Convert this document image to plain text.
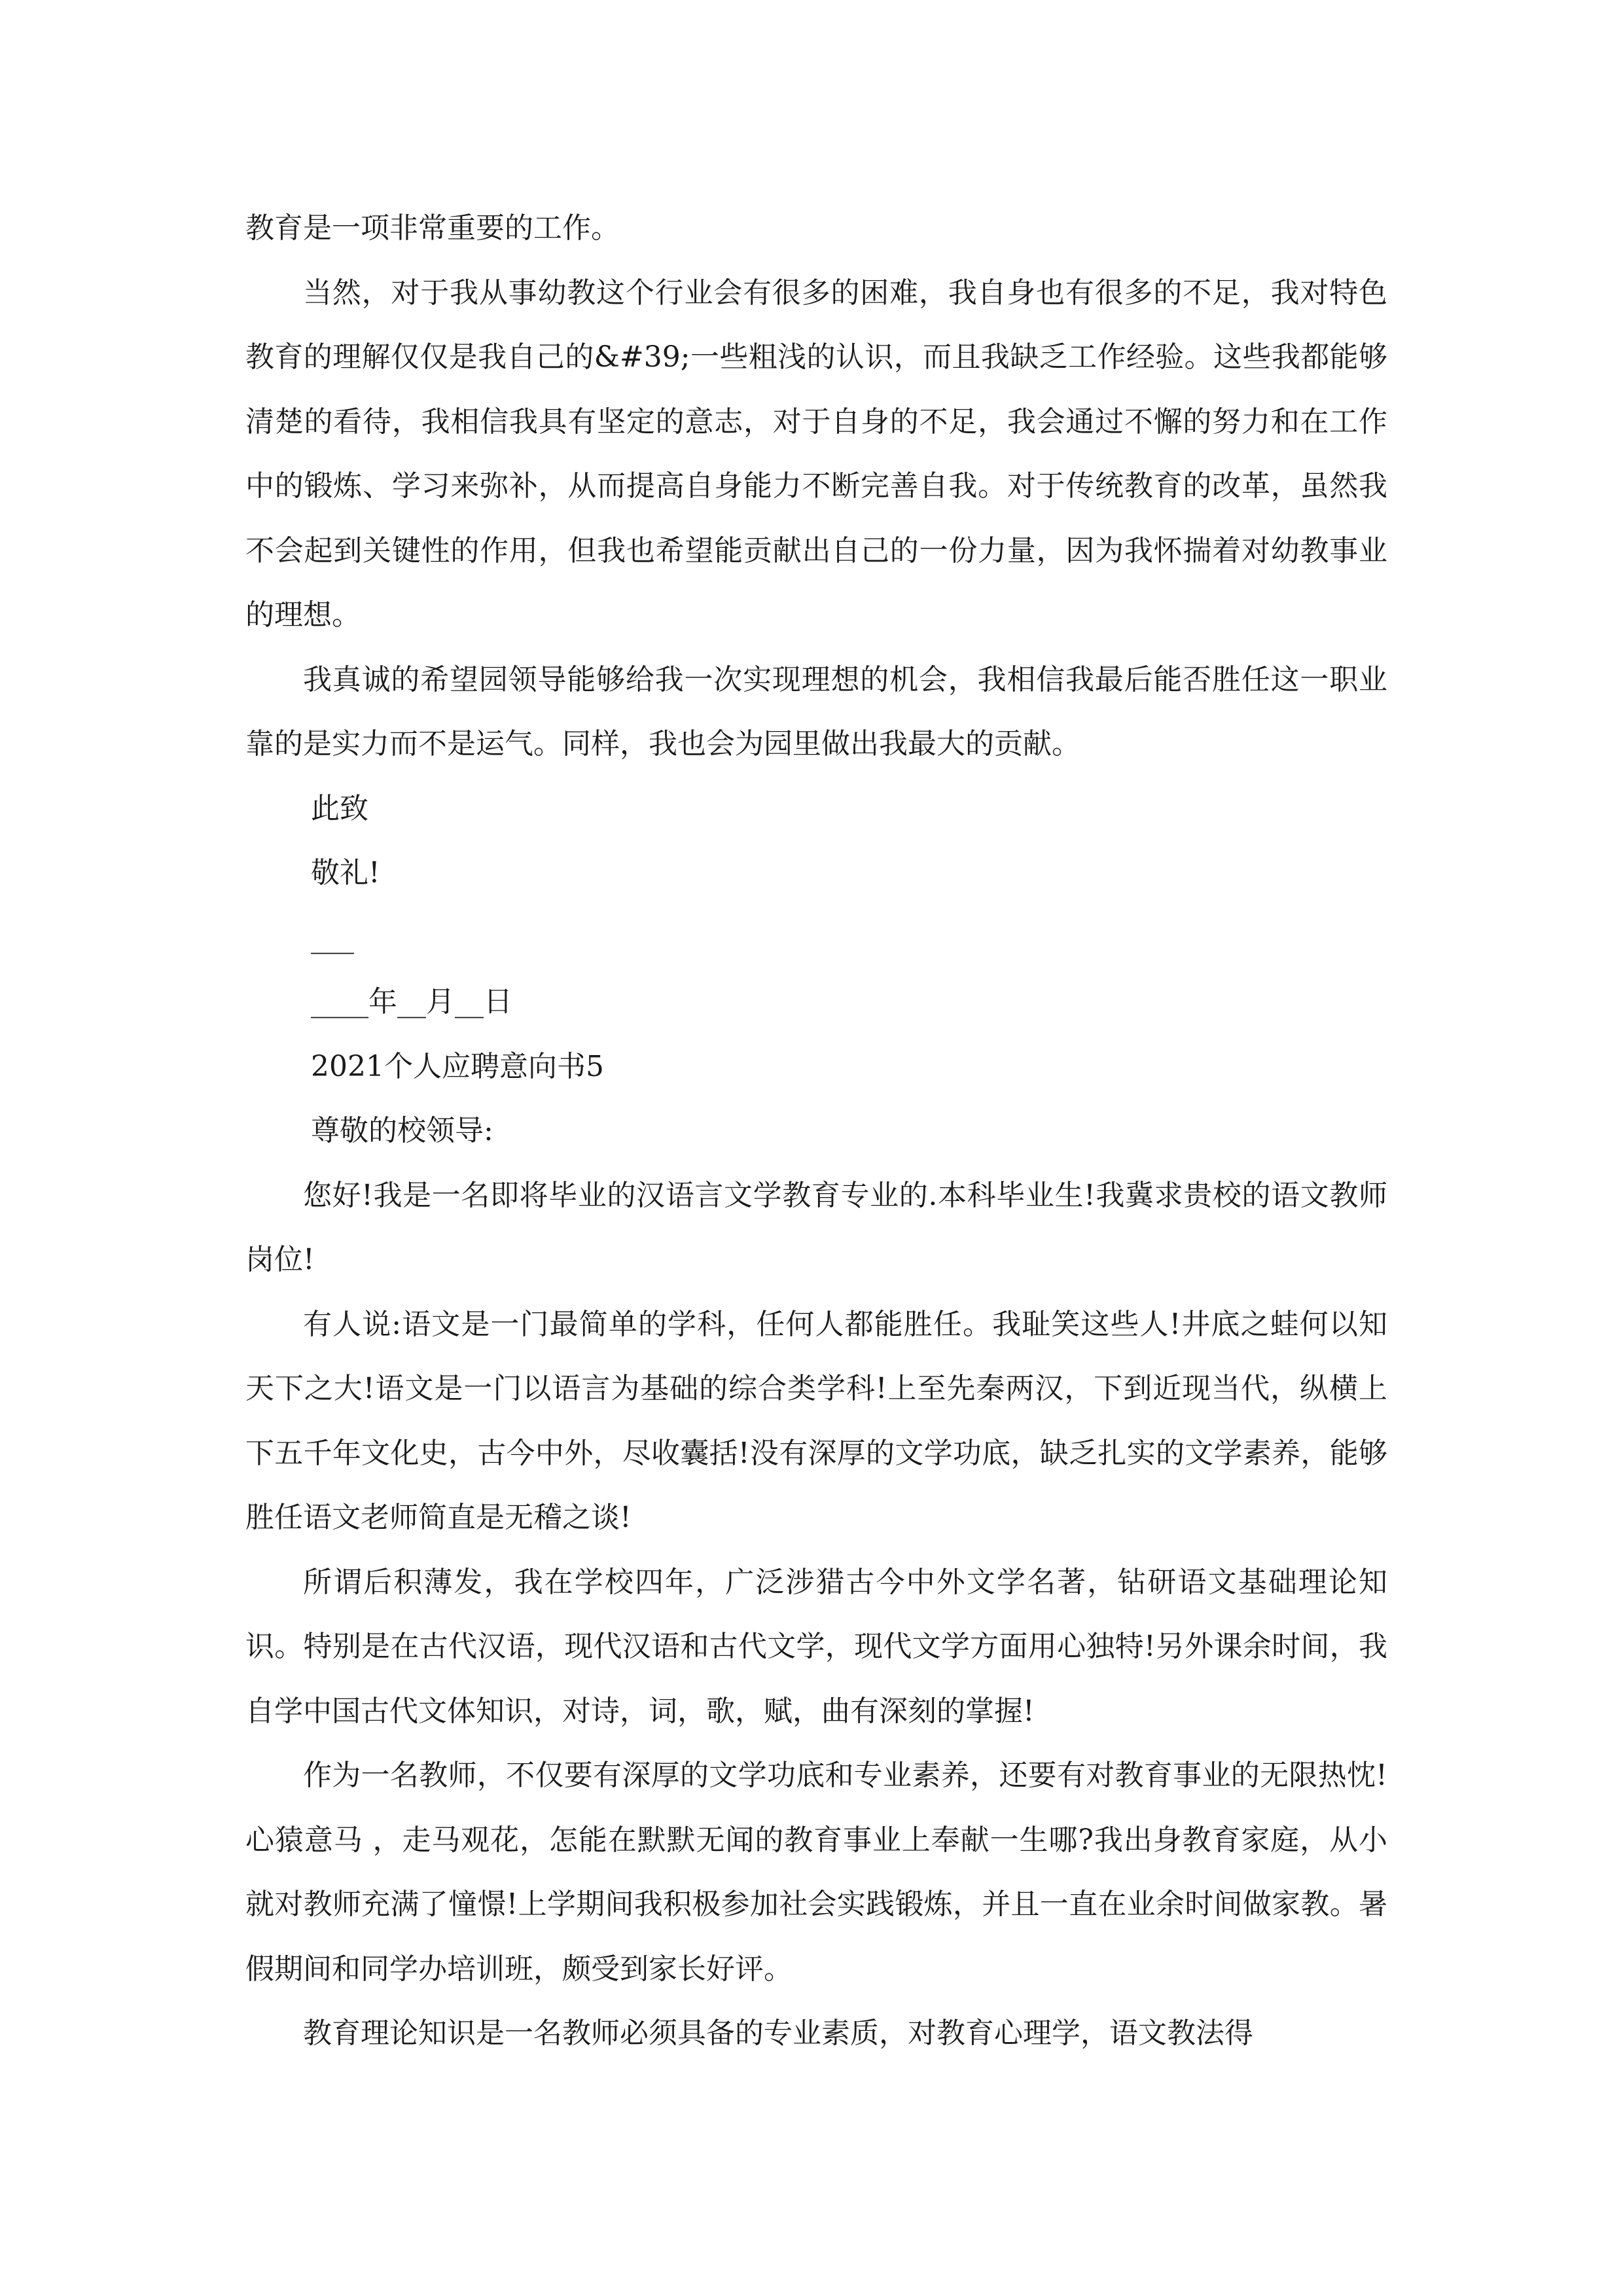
教育是一项非常重要的工作。

当然，对于我从事幼教这个行业会有很多的困难，我自身也有很多的不足，我对特色教育的理解仅仅是我自己的&#39;一些粗浅的认识，而且我缺乏工作经验。这些我都能够清楚的看待，我相信我具有坚定的意志，对于自身的不足，我会通过不懈的努力和在工作中的锻炼、学习来弥补，从而提高自身能力不断完善自我。对于传统教育的改革，虽然我不会起到关键性的作用，但我也希望能贡献出自己的一份力量，因为我怀揣着对幼教事业的理想。

我真诚的希望园领导能够给我一次实现理想的机会，我相信我最后能否胜任这一职业靠的是实力而不是运气。同样，我也会为园里做出我最大的贡献。

此致

敬礼!

___

____年__月__日

2021个人应聘意向书5

尊敬的校领导:

您好!我是一名即将毕业的汉语言文学教育专业的.本科毕业生!我冀求贵校的语文教师岗位!

有人说:语文是一门最简单的学科，任何人都能胜任。我耻笑这些人!井底之蛙何以知天下之大!语文是一门以语言为基础的综合类学科!上至先秦两汉，下到近现当代，纵横上下五千年文化史，古今中外，尽收囊括!没有深厚的文学功底，缺乏扎实的文学素养，能够胜任语文老师简直是无稽之谈!

所谓后积薄发，我在学校四年，广泛涉猎古今中外文学名著，钻研语文基础理论知识。特别是在古代汉语，现代汉语和古代文学，现代文学方面用心独特!另外课余时间，我自学中国古代文体知识，对诗，词，歌，赋，曲有深刻的掌握!

作为一名教师，不仅要有深厚的文学功底和专业素养，还要有对教育事业的无限热忱!心猿意马 ，走马观花，怎能在默默无闻的教育事业上奉献一生哪?我出身教育家庭，从小就对教师充满了憧憬!上学期间我积极参加社会实践锻炼，并且一直在业余时间做家教。暑假期间和同学办培训班，颇受到家长好评。

教育理论知识是一名教师必须具备的专业素质，对教育心理学，语文教法得
